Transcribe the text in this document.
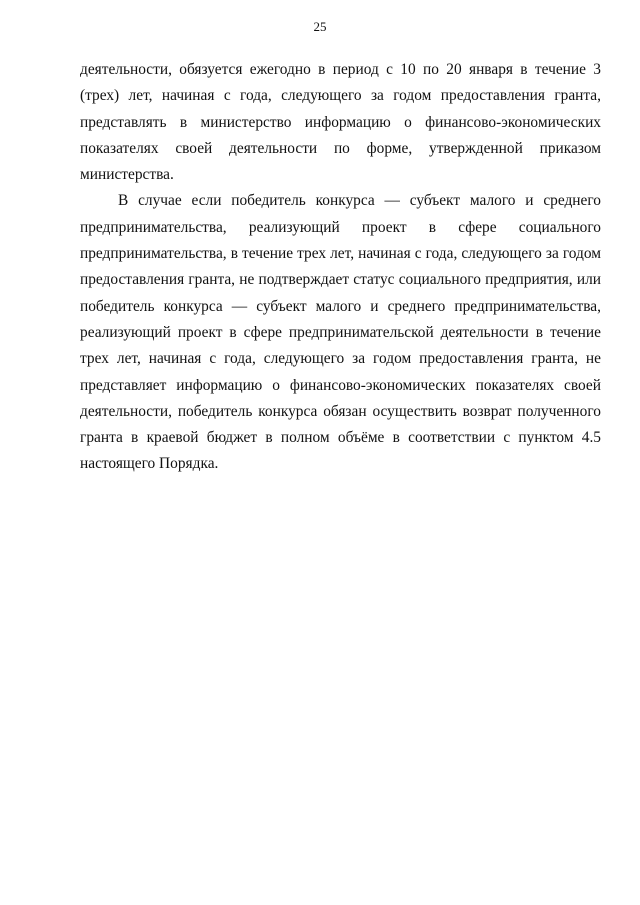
25

деятельности, обязуется ежегодно в период с 10 по 20 января в течение 3 (трех) лет, начиная с года, следующего за годом предоставления гранта, представлять в министерство информацию о финансово-экономических показателях своей деятельности по форме, утвержденной приказом министерства.

В случае если победитель конкурса — субъект малого и среднего предпринимательства, реализующий проект в сфере социального предпринимательства, в течение трех лет, начиная с года, следующего за годом предоставления гранта, не подтверждает статус социального предприятия, или победитель конкурса — субъект малого и среднего предпринимательства, реализующий проект в сфере предпринимательской деятельности в течение трех лет, начиная с года, следующего за годом предоставления гранта, не представляет информацию о финансово-экономических показателях своей деятельности, победитель конкурса обязан осуществить возврат полученного гранта в краевой бюджет в полном объёме в соответствии с пунктом 4.5 настоящего Порядка.
